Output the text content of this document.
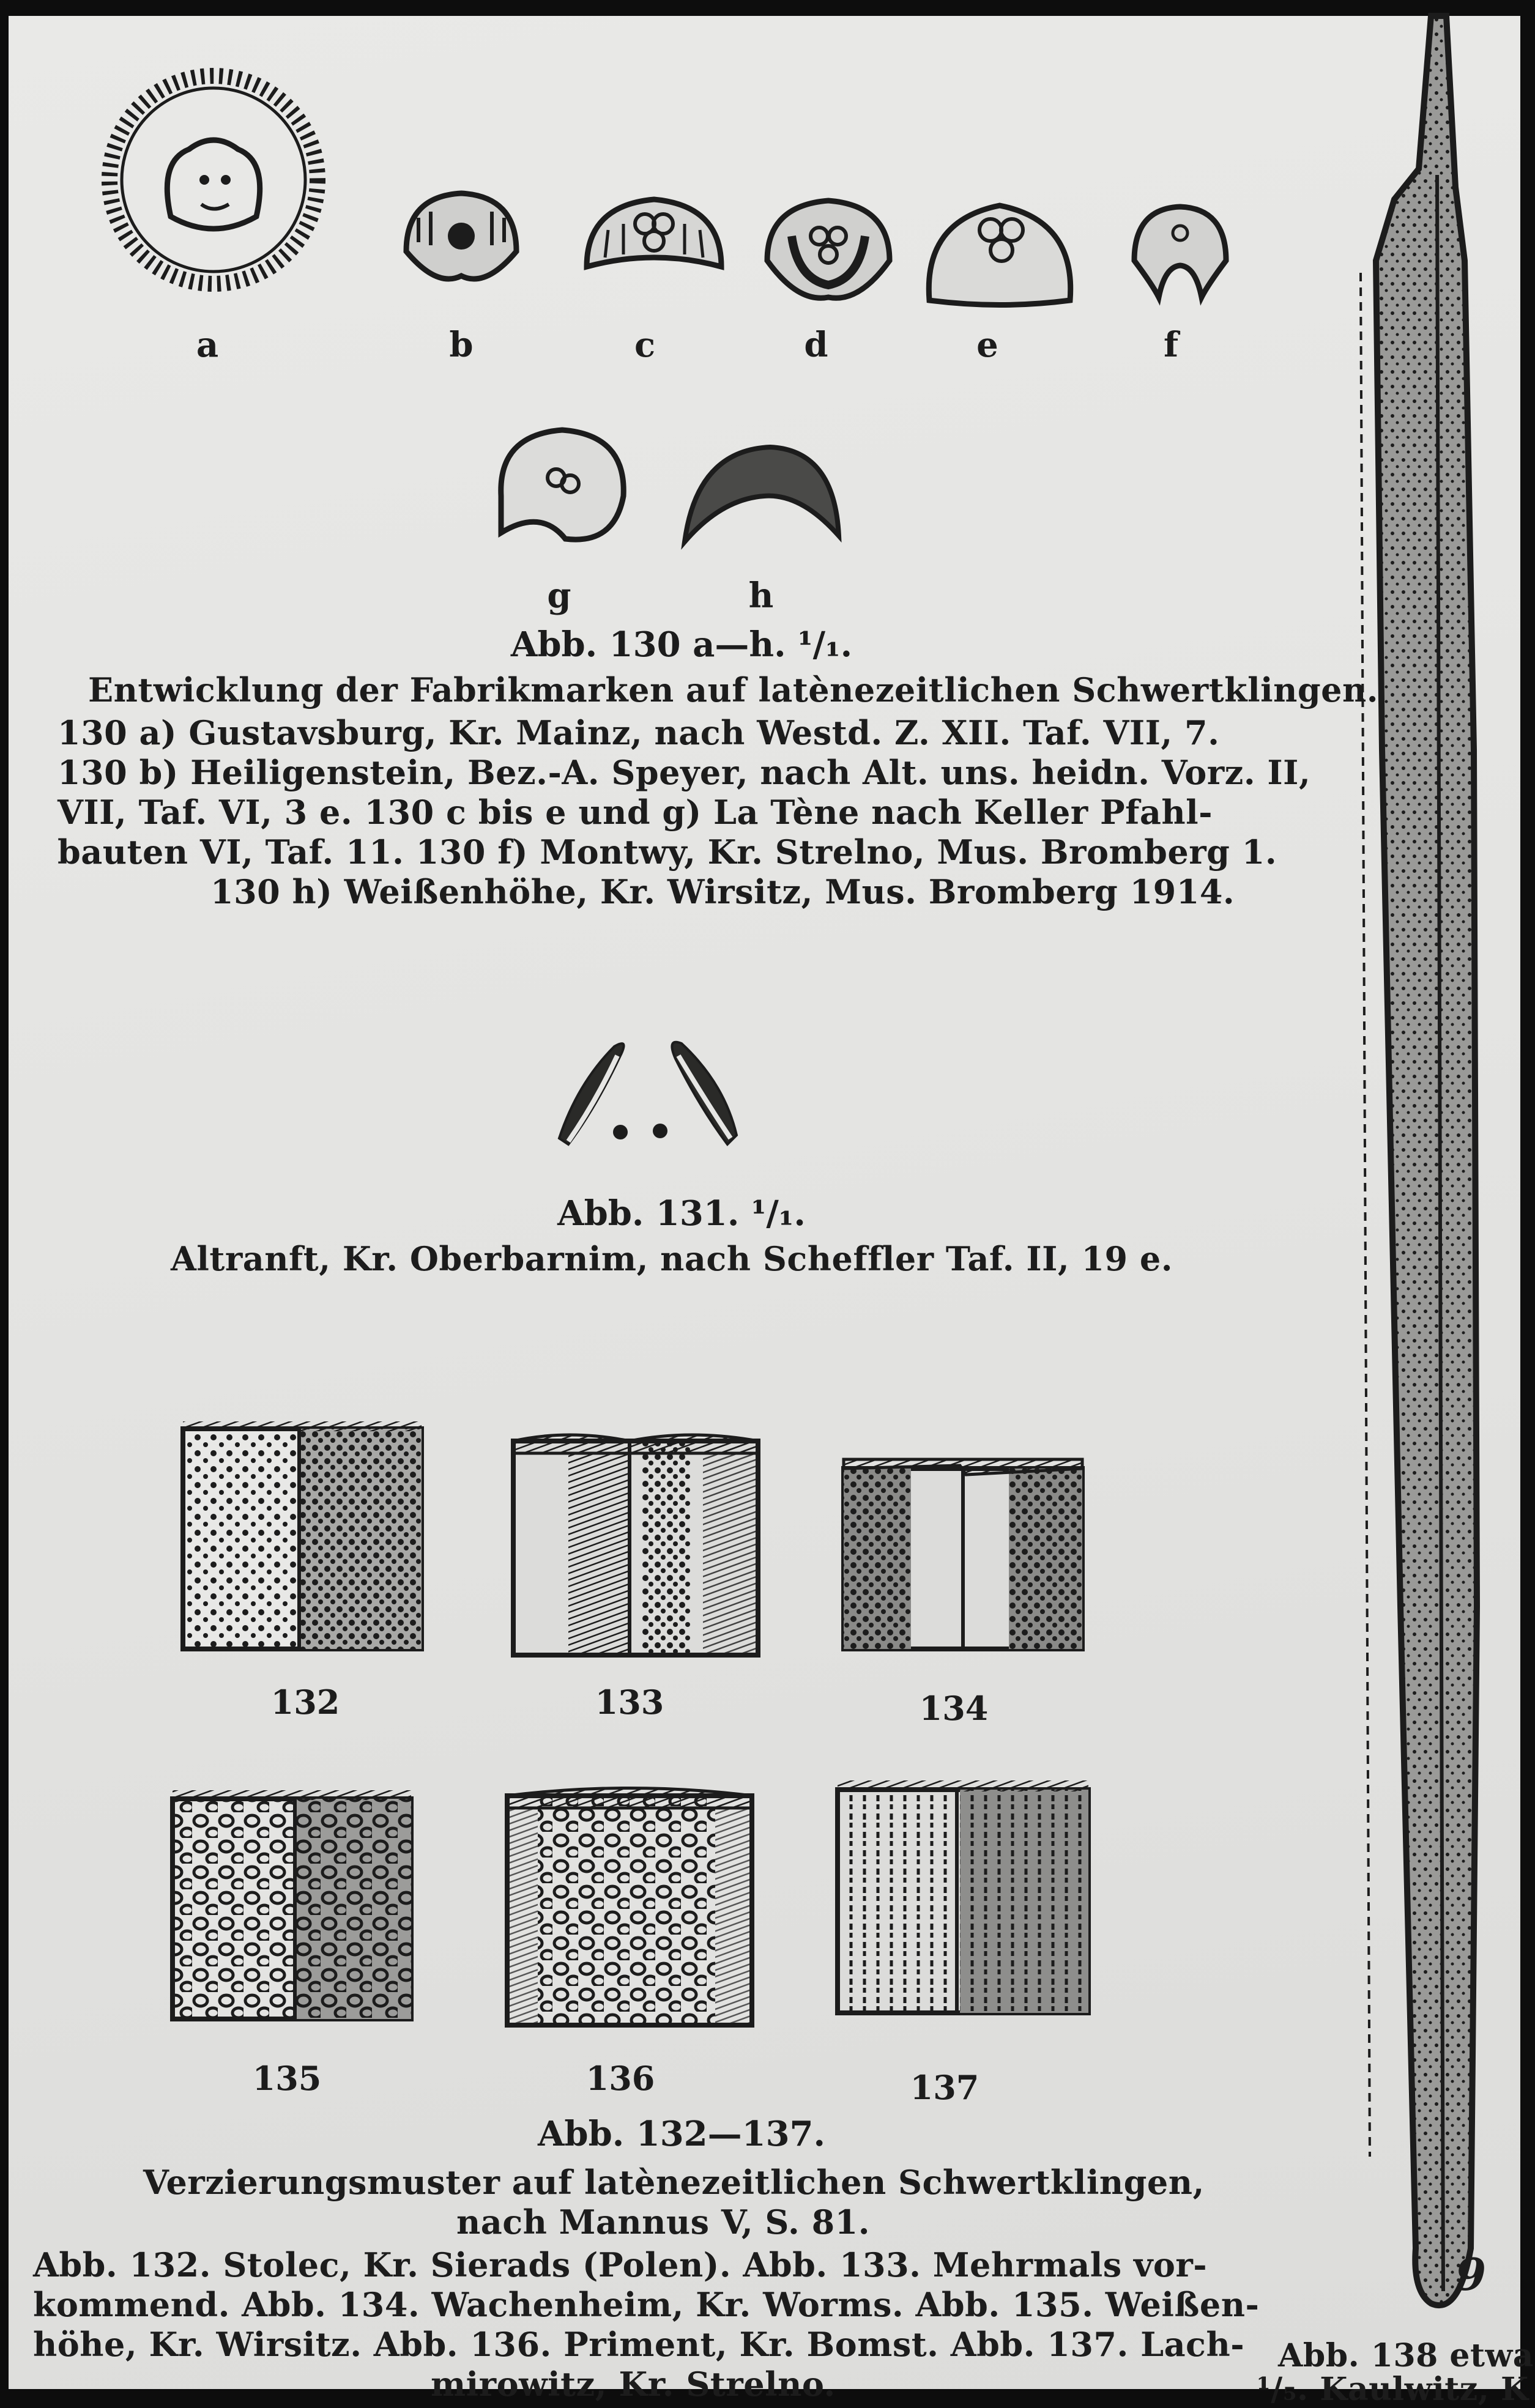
a	b	c	d	e	f
g	h
Abb. 130 a—h. ¹/₁.
Entwicklung der Fabrikmarken auf latènezeitlichen Schwertklingen.
130 a) Gustavsburg, Kr. Mainz, nach Westd. Z. XII. Taf. VII, 7.
130 b) Heiligenstein, Bez.-A. Speyer, nach Alt. uns. heidn. Vorz. II,
VII, Taf. VI, 3 e. 130 c bis e und g) La Tène nach Keller Pfahl-
bauten VI, Taf. 11. 130 f) Montwy, Kr. Strelno, Mus. Bromberg 1.
130 h) Weißenhöhe, Kr. Wirsitz, Mus. Bromberg 1914.
Abb. 131. ¹/₁.
Altranft, Kr. Oberbarnim, nach Scheffler Taf. II, 19 e.
132	133	134
135	136	137
Abb. 132—137.
Verzierungsmuster auf latènezeitlichen Schwertklingen,
nach Mannus V, S. 81.
Abb. 132. Stolec, Kr. Sierads (Polen). Abb. 133. Mehrmals vor-
kommend. Abb. 134. Wachenheim, Kr. Worms. Abb. 135. Weißen-
höhe, Kr. Wirsitz. Abb. 136. Priment, Kr. Bomst. Abb. 137. Lach-
mirowitz, Kr. Strelno.
9
Abb. 138 etwa
¹/₅. Kaulwitz, K
